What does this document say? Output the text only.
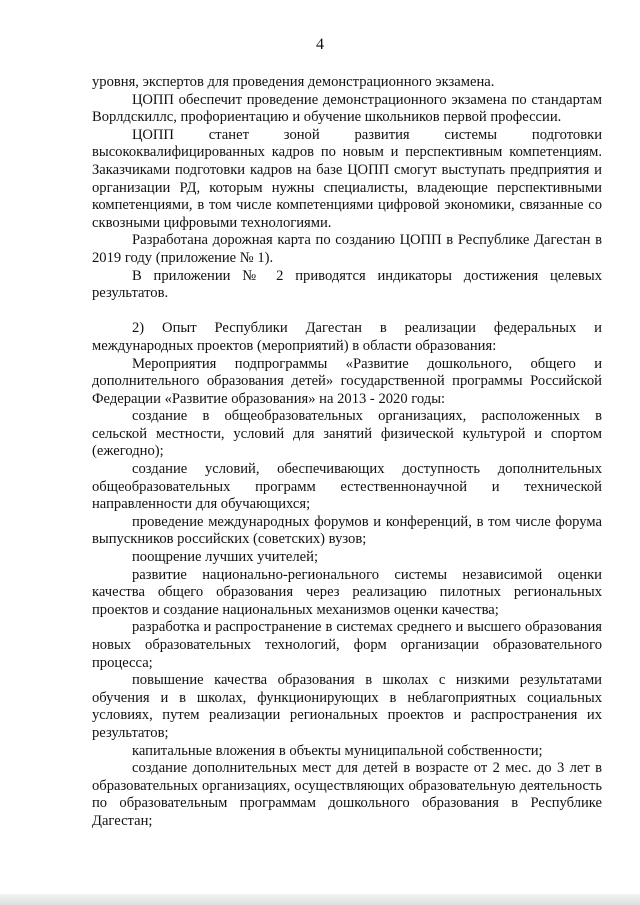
4

уровня, экспертов для проведения демонстрационного экзамена.

ЦОПП обеспечит проведение демонстрационного экзамена по стандартам Ворлдскиллс, профориентацию и обучение школьников первой профессии.

ЦОПП станет зоной развития системы подготовки высококвалифицированных кадров по новым и перспективным компетенциям. Заказчиками подготовки кадров на базе ЦОПП смогут выступать предприятия и организации РД, которым нужны специалисты, владеющие перспективными компетенциями, в том числе компетенциями цифровой экономики, связанные со сквозными цифровыми технологиями.

Разработана дорожная карта по созданию ЦОПП в Республике Дагестан в 2019 году (приложение № 1).

В приложении № 2 приводятся индикаторы достижения целевых результатов.

2) Опыт Республики Дагестан в реализации федеральных и международных проектов (мероприятий) в области образования:

Мероприятия подпрограммы «Развитие дошкольного, общего и дополнительного образования детей» государственной программы Российской Федерации «Развитие образования» на 2013 - 2020 годы:

создание в общеобразовательных организациях, расположенных в сельской местности, условий для занятий физической культурой и спортом (ежегодно);

создание условий, обеспечивающих доступность дополнительных общеобразовательных программ естественнонаучной и технической направленности для обучающихся;

проведение международных форумов и конференций, в том числе форума выпускников российских (советских) вузов;

поощрение лучших учителей;

развитие национально-регионального системы независимой оценки качества общего образования через реализацию пилотных региональных проектов и создание национальных механизмов оценки качества;

разработка и распространение в системах среднего и высшего образования новых образовательных технологий, форм организации образовательного процесса;

повышение качества образования в школах с низкими результатами обучения и в школах, функционирующих в неблагоприятных социальных условиях, путем реализации региональных проектов и распространения их результатов;

капитальные вложения в объекты муниципальной собственности;

создание дополнительных мест для детей в возрасте от 2 мес. до 3 лет в образовательных организациях, осуществляющих образовательную деятельность по образовательным программам дошкольного образования в Республике Дагестан;
